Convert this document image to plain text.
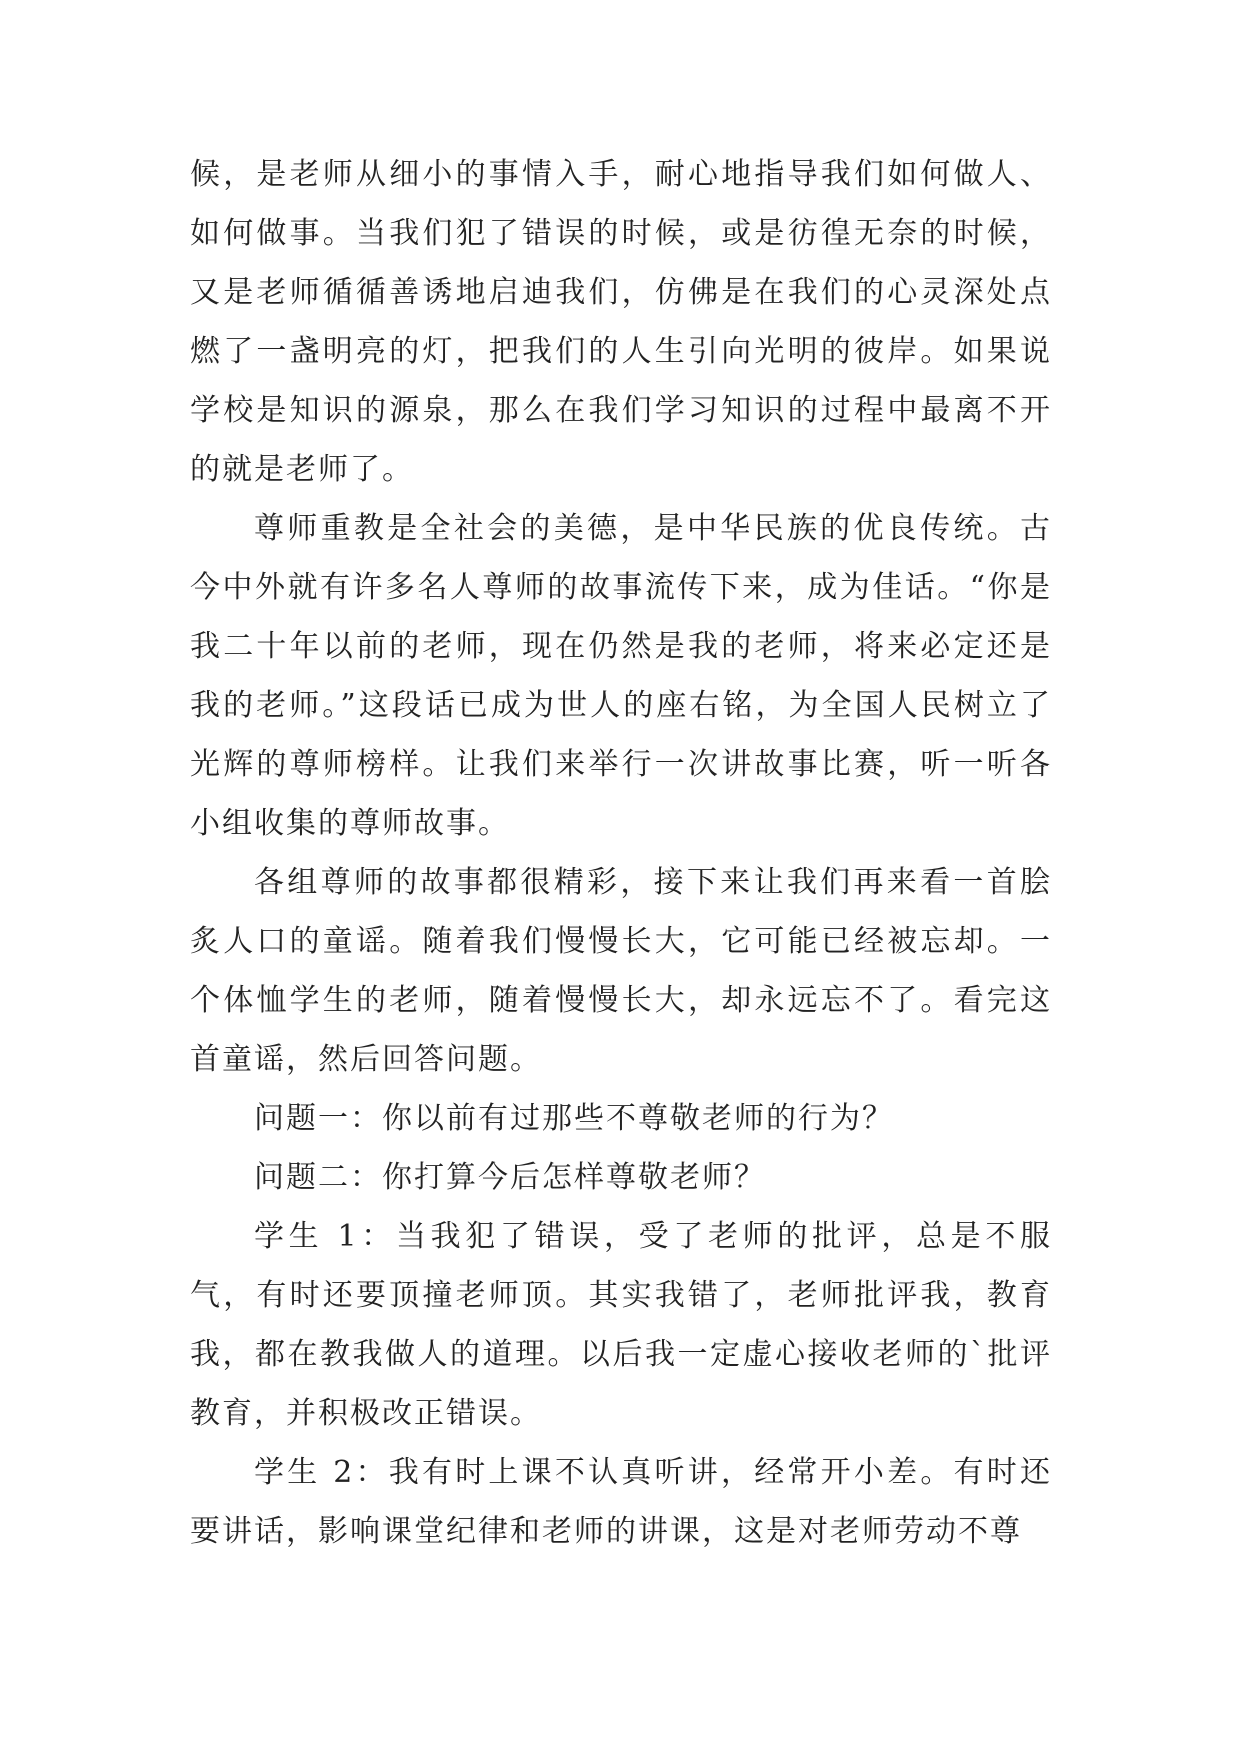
候，是老师从细小的事情入手，耐心地指导我们如何做人、如何做事。当我们犯了错误的时候，或是彷徨无奈的时候，又是老师循循善诱地启迪我们，仿佛是在我们的心灵深处点燃了一盏明亮的灯，把我们的人生引向光明的彼岸。如果说学校是知识的源泉，那么在我们学习知识的过程中最离不开的就是老师了。

尊师重教是全社会的美德，是中华民族的优良传统。古今中外就有许多名人尊师的故事流传下来，成为佳话。“你是我二十年以前的老师，现在仍然是我的老师，将来必定还是我的老师。”这段话已成为世人的座右铭，为全国人民树立了光辉的尊师榜样。让我们来举行一次讲故事比赛，听一听各小组收集的尊师故事。

各组尊师的故事都很精彩，接下来让我们再来看一首脍炙人口的童谣。随着我们慢慢长大，它可能已经被忘却。一个体恤学生的老师，随着慢慢长大，却永远忘不了。看完这首童谣，然后回答问题。

问题一：你以前有过那些不尊敬老师的行为？

问题二：你打算今后怎样尊敬老师？

学生 1：当我犯了错误，受了老师的批评，总是不服气，有时还要顶撞老师顶。其实我错了，老师批评我，教育我，都在教我做人的道理。以后我一定虚心接收老师的`批评教育，并积极改正错误。

学生 2：我有时上课不认真听讲，经常开小差。有时还要讲话，影响课堂纪律和老师的讲课，这是对老师劳动不尊
